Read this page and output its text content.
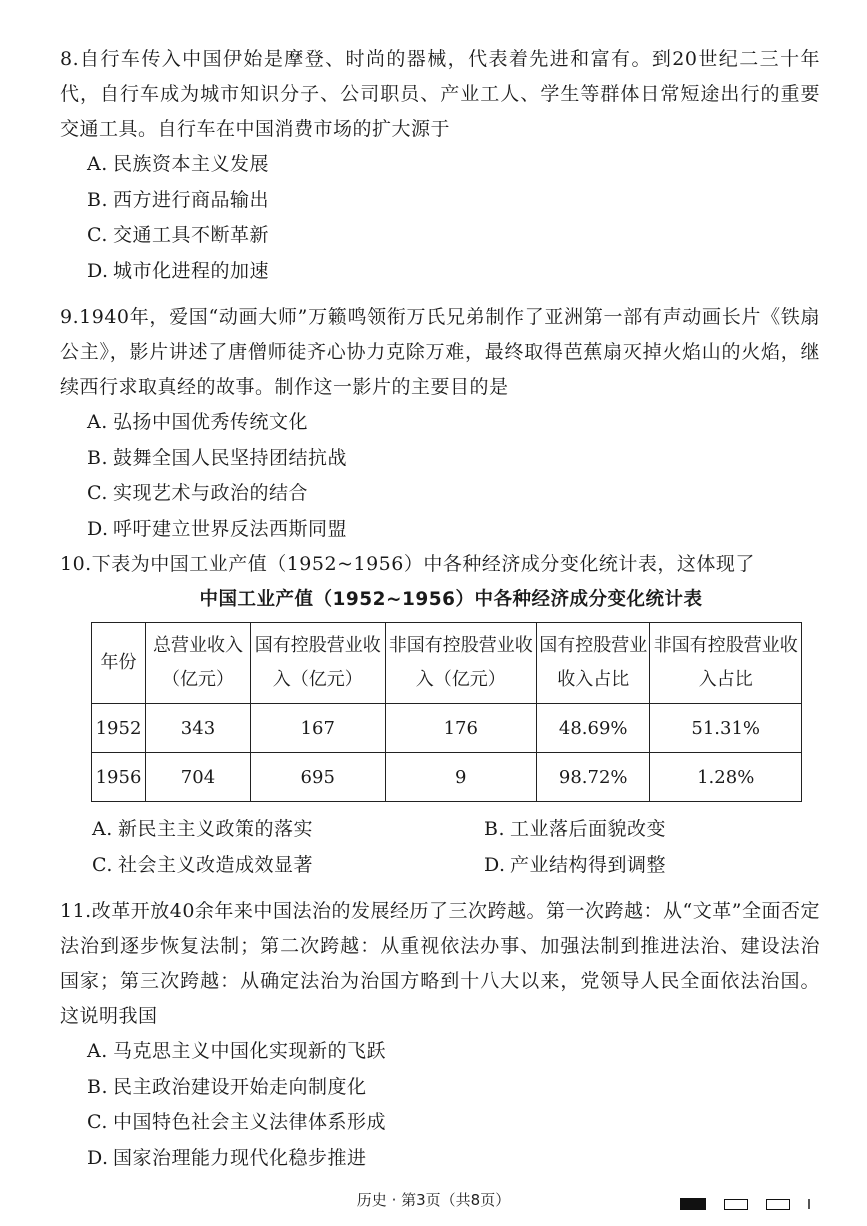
8.自行车传入中国伊始是摩登、时尚的器械，代表着先进和富有。到20世纪二三十年代，自行车成为城市知识分子、公司职员、产业工人、学生等群体日常短途出行的重要交通工具。自行车在中国消费市场的扩大源于

A. 民族资本主义发展
B. 西方进行商品输出
C. 交通工具不断革新
D. 城市化进程的加速

9.1940年，爱国“动画大师”万籁鸣领衔万氏兄弟制作了亚洲第一部有声动画长片《铁扇公主》，影片讲述了唐僧师徒齐心协力克除万难，最终取得芭蕉扇灭掉火焰山的火焰，继续西行求取真经的故事。制作这一影片的主要目的是

A. 弘扬中国优秀传统文化
B. 鼓舞全国人民坚持团结抗战
C. 实现艺术与政治的结合
D. 呼吁建立世界反法西斯同盟

10.下表为中国工业产值（1952~1956）中各种经济成分变化统计表，这体现了

中国工业产值（1952~1956）中各种经济成分变化统计表

年份	总营业收入（亿元）	国有控股营业收入（亿元）	非国有控股营业收入（亿元）	国有控股营业收入占比	非国有控股营业收入占比
1952	343	167	176	48.69%	51.31%
1956	704	695	9	98.72%	1.28%
A. 新民主主义政策的落实	B. 工业落后面貌改变
C. 社会主义改造成效显著	D. 产业结构得到调整

11.改革开放40余年来中国法治的发展经历了三次跨越。第一次跨越：从“文革”全面否定法治到逐步恢复法制；第二次跨越：从重视依法办事、加强法制到推进法治、建设法治国家；第三次跨越：从确定法治为治国方略到十八大以来，党领导人民全面依法治国。这说明我国

A. 马克思主义中国化实现新的飞跃
B. 民主政治建设开始走向制度化
C. 中国特色社会主义法律体系形成
D. 国家治理能力现代化稳步推进
历史 · 第3页（共8页）
